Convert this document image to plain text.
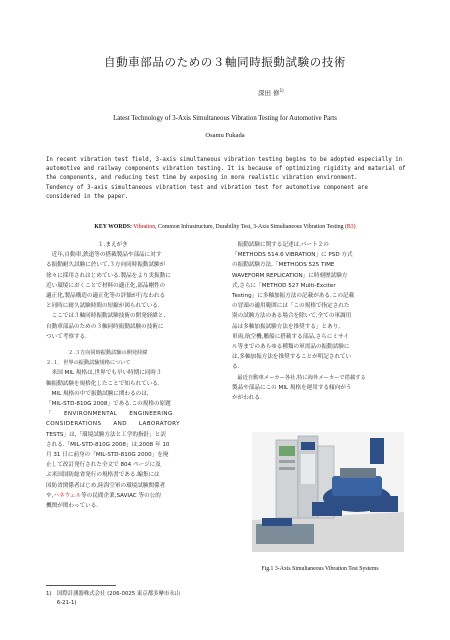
自動車部品のための３軸同時振動試験の技術
深田 修$^{1)}$
Latest Technology of 3-Axis Simultaneous Vibration Testing for Automotive Parts
Osamu Fukada
In recent vibration test field, 3-axis simultaneous vibration testing begins to be adopted especially in
automotive and railway components vibration testing. It is because of optimizing rigidity and material of
the components, and reducing test time by exposing in more realistic vibration environment.
Tendency of 3-axis simultaneous vibration test and vibration test for automotive component are
considered in the paper.
KEY WORDS: Vibration, Common Infrastructure, Durability Test, 3-Axis Simultaneous Vibration Testing (B3)
１.まえがき
　近年,自動車,鉄道等の搭載製品や部品に対す
る振動耐久試験に於いて,３方向同時振動試験が
徐々に採用されはじめている.製品をより実振動に
近い環境におくことで材料の適正化,部品剛性の
適正化,製品構造の適正化等の評価が行なわれる
と同時に耐久試験時間の短縮が図られている.
　ここでは３軸同時振動試験技術の開発経緯と,
自動車部品のための３軸同時振動試験の技術に
ついて考察する.
２.３方向同時振動試験の開発経緯
２.１．世界の振動試験規格について
　米国 MIL 規格は,世界でも早い時期に同時３
軸振動試験を規格化したことで知られている.
　MIL 規格の中で振動試験に関わるのは,
「MIL-STD-810G 2008」である.この規格の原題
「　　ENVIRONMENTAL　　ENGINEERING
CONSIDERATIONS　　AND　　LABORATORY
TESTS」は,「環境試験方法と工学的指針」と訳
される.「MIL-STD-810G 2008」は,2008 年 10
月 31 日に前身の「MIL-STD-810G 2000」を廃
止して改訂発行された全文で 804 ページに及
ぶ米国国防総省発行の規格書である.編集には
国防省関係者はじめ,陸海空軍の環境試験関係者
や,ハネウェル等の民間企業,SAVIAC 等の公的
機関が関わっている.
　振動試験に関する記述は,パート２の
「METHODS 514.6 VIBRATION」に PSD 方式
の振動試験方法,「METHODS 525 TIME
WAVEFORM REPLICATION」に時刻歴試験方
式,さらに「METHOD 527 Multi-Exciter
Testing」に多軸加振方法の記載がある.この記載
の冒頭の適用範囲には「この規格で指定された
別の試験方法のある場合を除いて,全ての軍調用
品は多軸加振試験方法を推奨する」とあり,
車両,航空機,艦船に搭載する部品,さらにミサイ
ル等までのあらゆる種類の軍需品の振動試験に
は,多軸加振方法を推奨することが明記されてい
る.
　最近自動車メーカー各社,特に海外メーカーで搭載する
製品や部品にこの MIL 規格を運用する傾向がう
かがわれる.
Fig.1 3-Axis Simultaneous Vibration Test Systems
1)　国際計測器株式会社 (206-0025 東京都多摩市永山
　　6-21-1)
